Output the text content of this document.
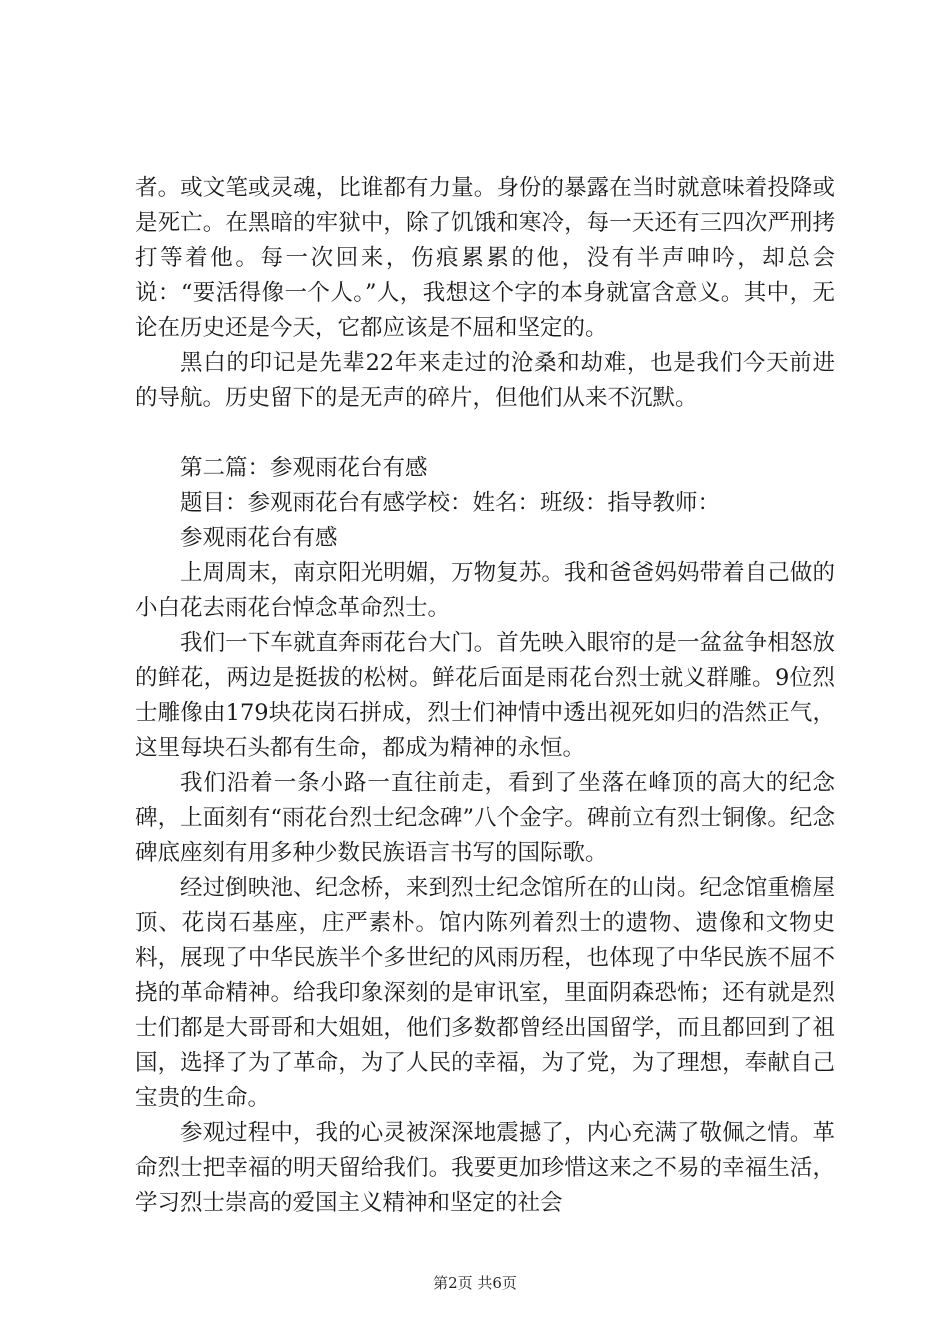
者。或文笔或灵魂，比谁都有力量。身份的暴露在当时就意味着投降或是死亡。在黑暗的牢狱中，除了饥饿和寒冷，每一天还有三四次严刑拷打等着他。每一次回来，伤痕累累的他，没有半声呻吟，却总会说：“要活得像一个人。”人，我想这个字的本身就富含意义。其中，无论在历史还是今天，它都应该是不屈和坚定的。

黑白的印记是先辈22年来走过的沧桑和劫难，也是我们今天前进的导航。历史留下的是无声的碎片，但他们从来不沉默。

第二篇：参观雨花台有感

题目：参观雨花台有感学校：姓名：班级：指导教师：

参观雨花台有感

上周周末，南京阳光明媚，万物复苏。我和爸爸妈妈带着自己做的小白花去雨花台悼念革命烈士。

我们一下车就直奔雨花台大门。首先映入眼帘的是一盆盆争相怒放的鲜花，两边是挺拔的松树。鲜花后面是雨花台烈士就义群雕。9位烈士雕像由179块花岗石拼成，烈士们神情中透出视死如归的浩然正气，这里每块石头都有生命，都成为精神的永恒。

我们沿着一条小路一直往前走，看到了坐落在峰顶的高大的纪念碑，上面刻有“雨花台烈士纪念碑”八个金字。碑前立有烈士铜像。纪念碑底座刻有用多种少数民族语言书写的国际歌。

经过倒映池、纪念桥，来到烈士纪念馆所在的山岗。纪念馆重檐屋顶、花岗石基座，庄严素朴。馆内陈列着烈士的遗物、遗像和文物史料，展现了中华民族半个多世纪的风雨历程，也体现了中华民族不屈不挠的革命精神。给我印象深刻的是审讯室，里面阴森恐怖；还有就是烈士们都是大哥哥和大姐姐，他们多数都曾经出国留学，而且都回到了祖国，选择了为了革命，为了人民的幸福，为了党，为了理想，奉献自己宝贵的生命。

参观过程中，我的心灵被深深地震撼了，内心充满了敬佩之情。革命烈士把幸福的明天留给我们。我要更加珍惜这来之不易的幸福生活，学习烈士崇高的爱国主义精神和坚定的社会

第2页 共6页
